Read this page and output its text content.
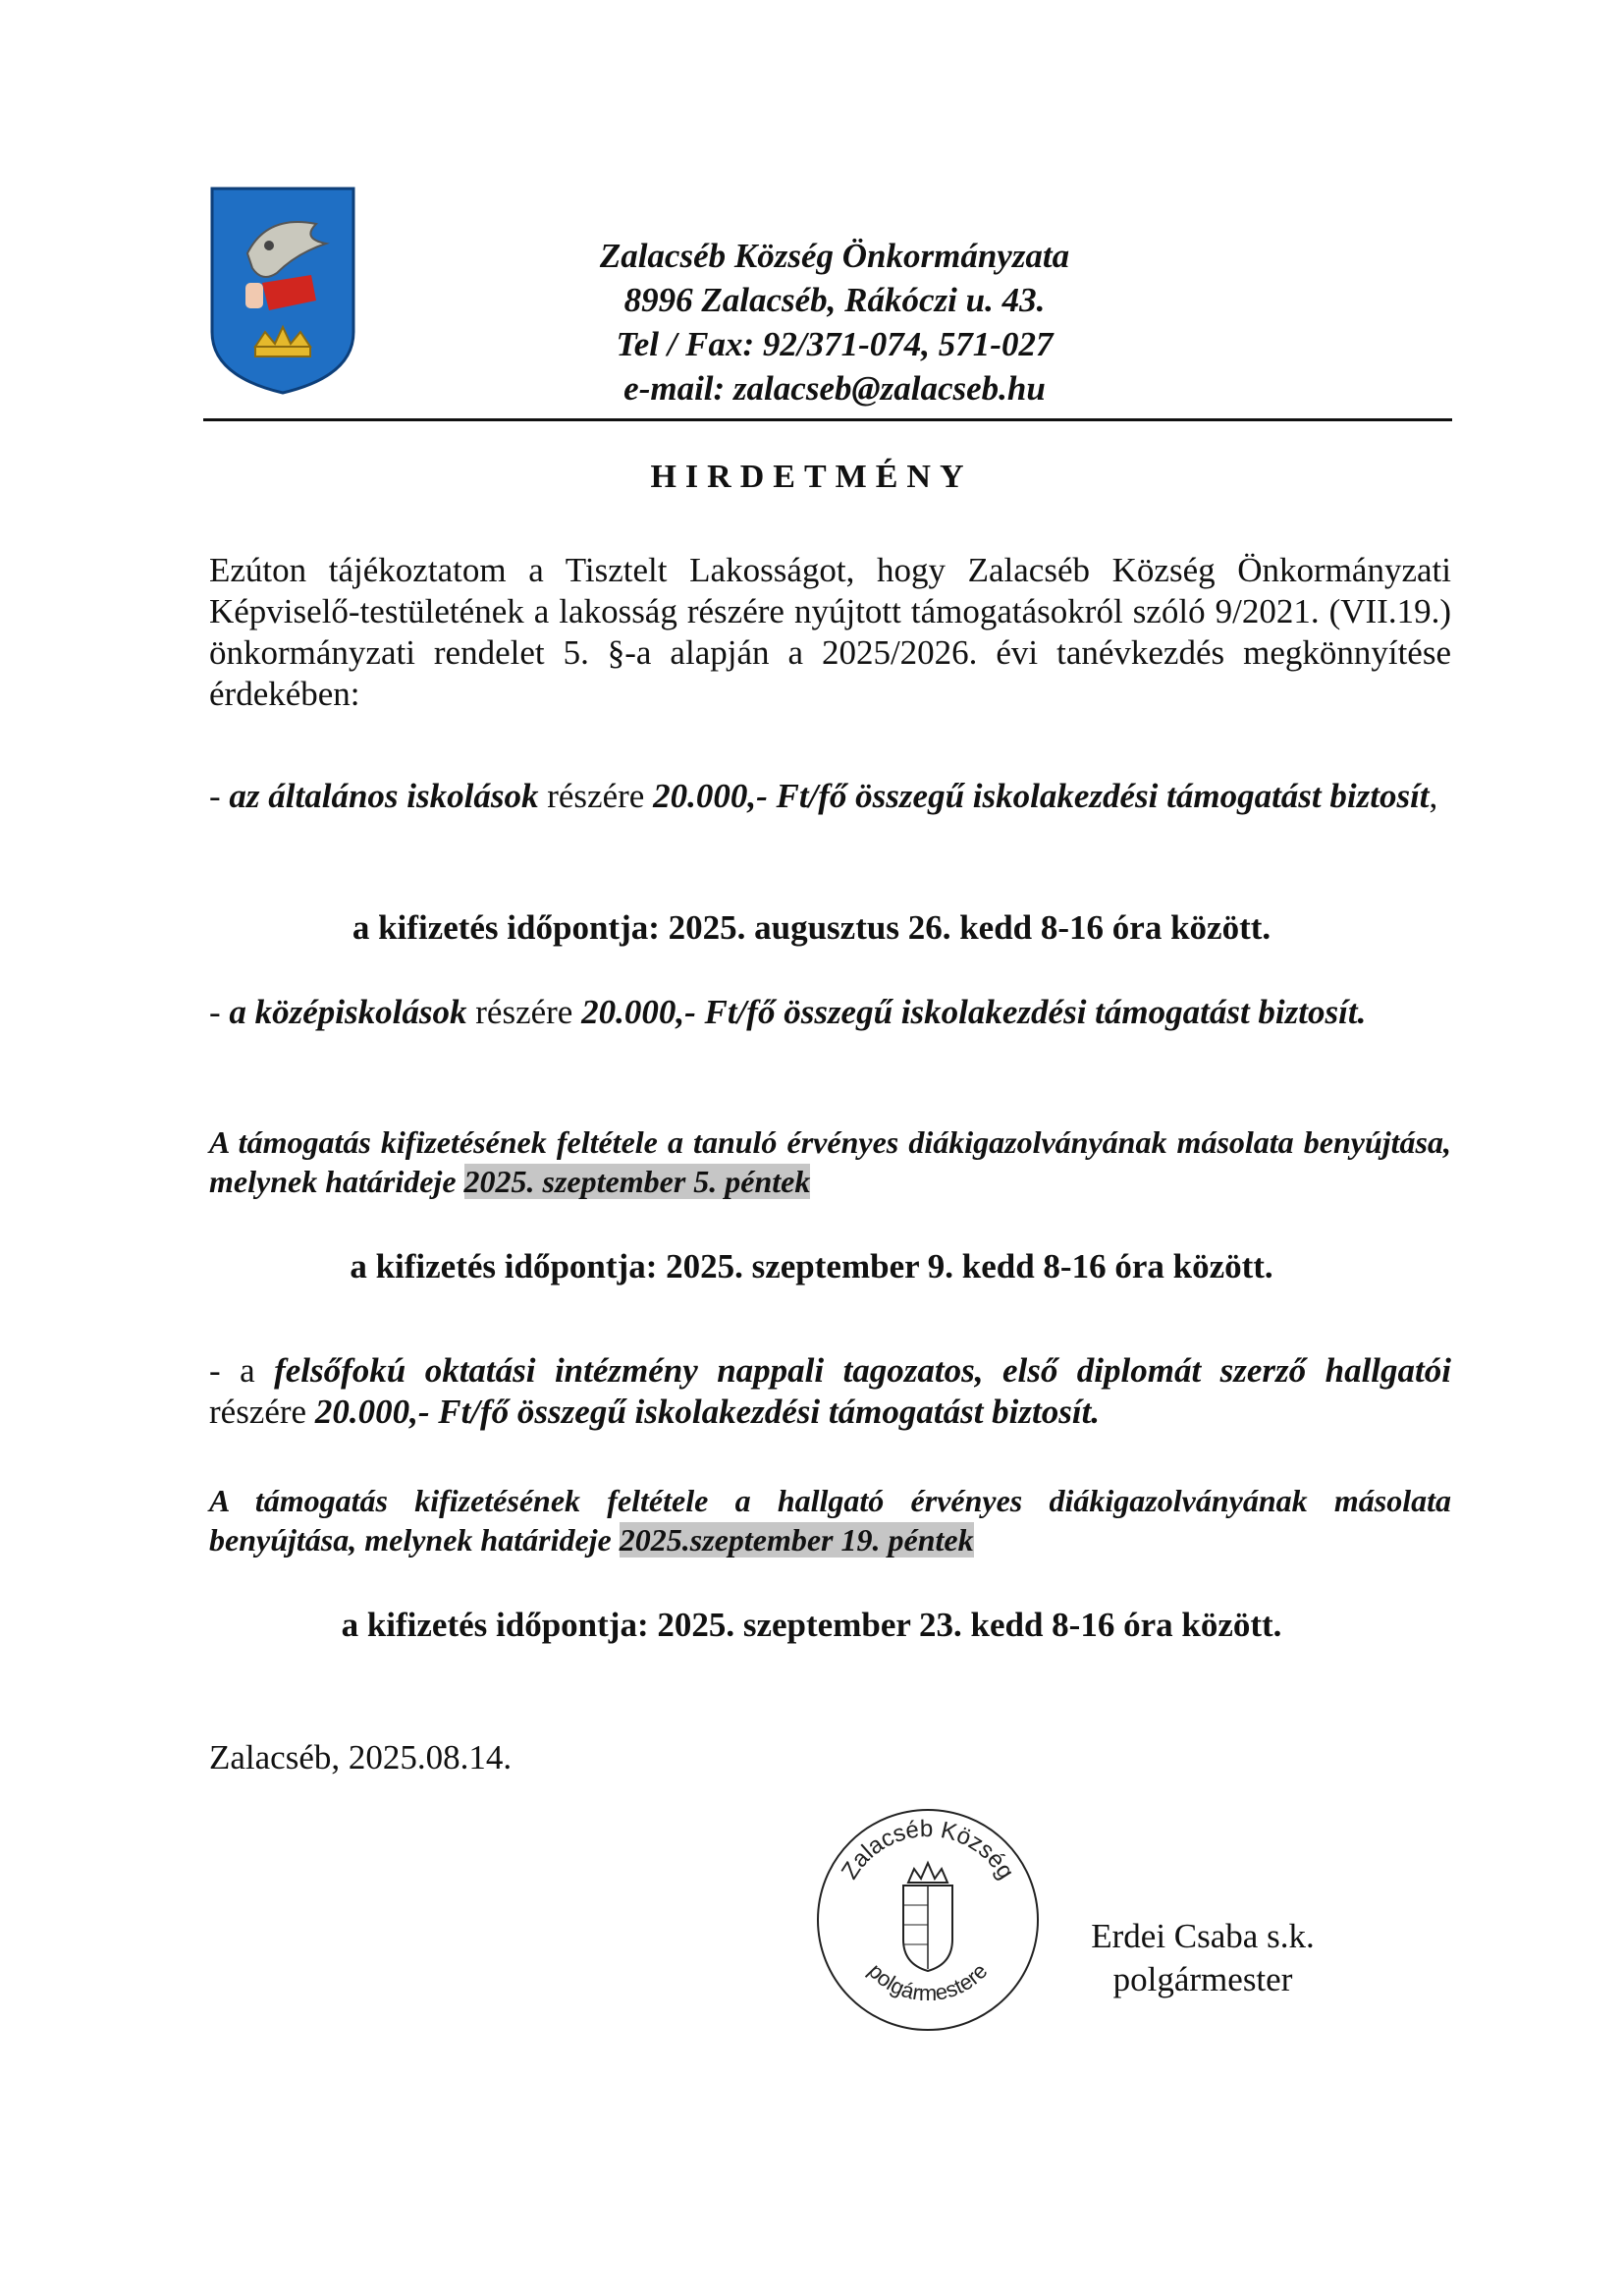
Zalacséb Község Önkormányzata
8996 Zalacséb, Rákóczi u. 43.
Tel / Fax: 92/371-074, 571-027
e-mail: zalacseb@zalacseb.hu
HIRDETMÉNY
Ezúton tájékoztatom a Tisztelt Lakosságot, hogy Zalacséb Község Önkormányzati Képviselő-testületének a lakosság részére nyújtott támogatásokról szóló 9/2021. (VII.19.) önkormányzati rendelet 5. §-a alapján a 2025/2026. évi tanévkezdés megkönnyítése érdekében:
- az általános iskolások részére 20.000,- Ft/fő összegű iskolakezdési támogatást biztosít,
a kifizetés időpontja: 2025. augusztus 26. kedd 8-16 óra között.
- a középiskolások részére 20.000,- Ft/fő összegű iskolakezdési támogatást biztosít.
A támogatás kifizetésének feltétele a tanuló érvényes diákigazolványának másolata benyújtása, melynek határideje 2025. szeptember 5. péntek
a kifizetés időpontja: 2025. szeptember 9. kedd 8-16 óra között.
- a felsőfokú oktatási intézmény nappali tagozatos, első diplomát szerző hallgatói részére 20.000,- Ft/fő összegű iskolakezdési támogatást biztosít.
A támogatás kifizetésének feltétele a hallgató érvényes diákigazolványának másolata benyújtása, melynek határideje 2025.szeptember 19. péntek
a kifizetés időpontja: 2025. szeptember 23. kedd 8-16 óra között.
Zalacséb, 2025.08.14.
Zalacséb Község
polgármestere
Erdei Csaba s.k.
polgármester
